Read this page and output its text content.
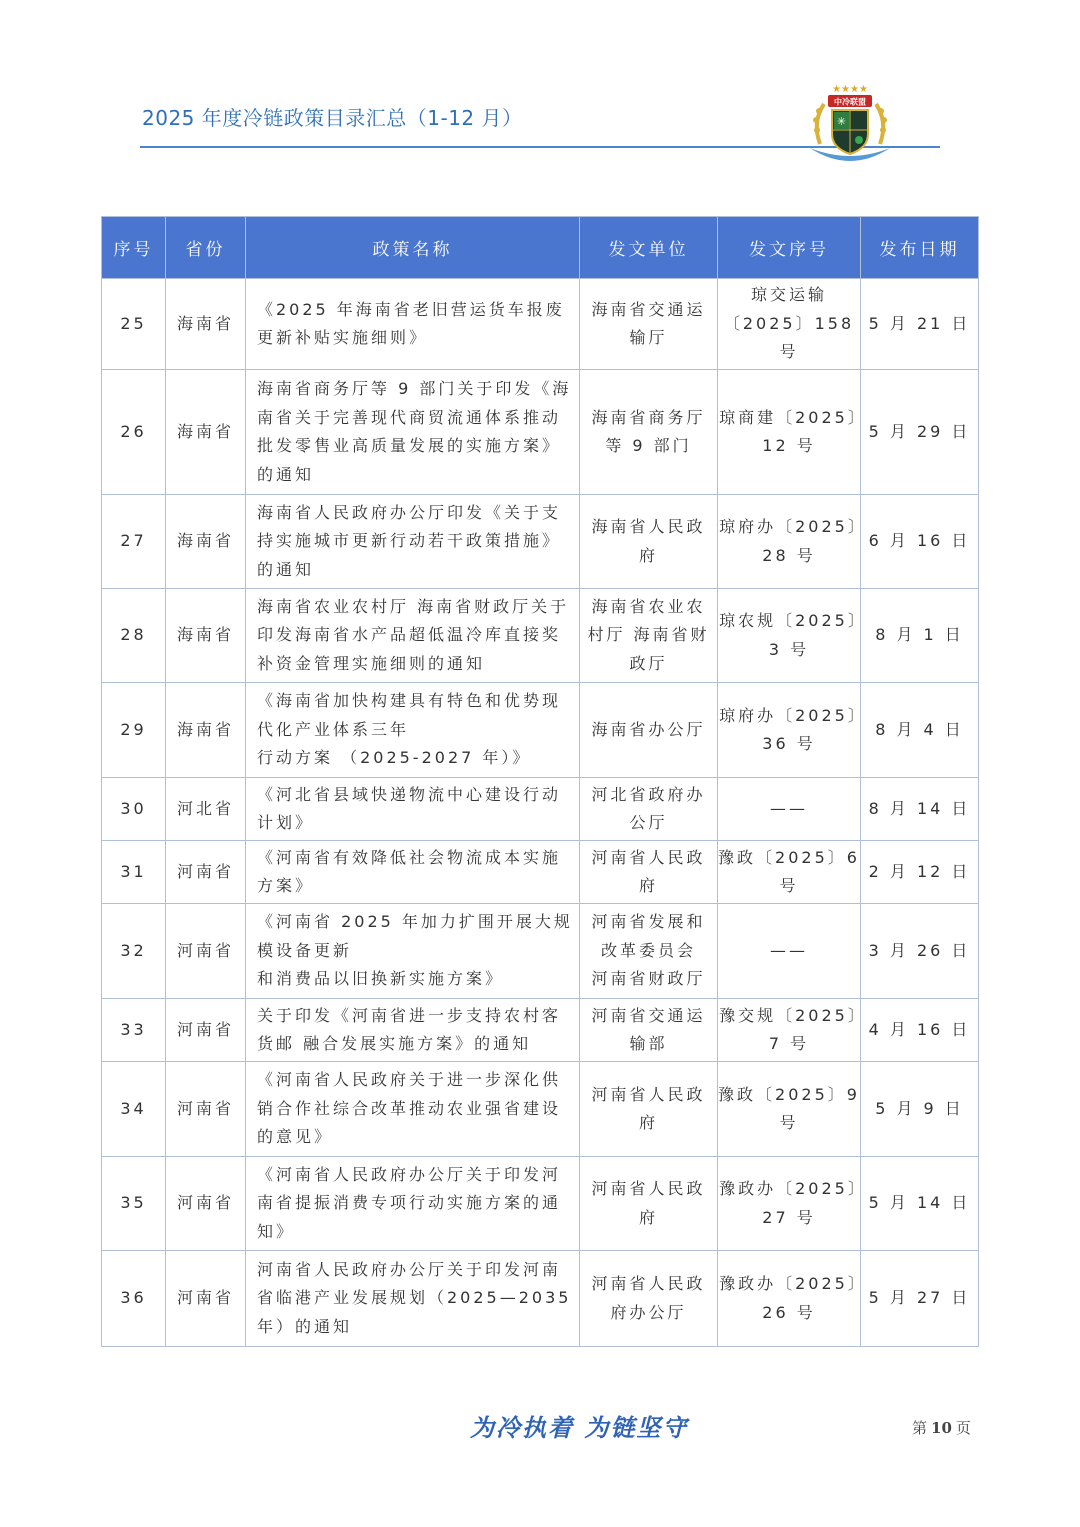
2025 年度冷链政策目录汇总（1-12 月）
★★★★
中冷联盟
✳
序号	省份	政策名称	发文单位	发文序号	发布日期
25	海南省	《2025 年海南省老旧营运货车报废更新补贴实施细则》	海南省交通运输厅	琼交运输〔2025〕158 号	5 月 21 日
26	海南省	海南省商务厅等 9 部门关于印发《海南省关于完善现代商贸流通体系推动批发零售业高质量发展的实施方案》的通知	海南省商务厅等 9 部门	琼商建〔2025〕12 号	5 月 29 日
27	海南省	海南省人民政府办公厅印发《关于支持实施城市更新行动若干政策措施》的通知	海南省人民政府	琼府办〔2025〕28 号	6 月 16 日
28	海南省	海南省农业农村厅 海南省财政厅关于印发海南省水产品超低温冷库直接奖补资金管理实施细则的通知	海南省农业农村厅 海南省财政厅	琼农规〔2025〕3 号	8 月 1 日
29	海南省	《海南省加快构建具有特色和优势现代化产业体系三年
行动方案 （2025-2027 年）》	海南省办公厅	琼府办〔2025〕36 号	8 月 4 日
30	河北省	《河北省县域快递物流中心建设行动计划》	河北省政府办公厅	——	8 月 14 日
31	河南省	《河南省有效降低社会物流成本实施方案》	河南省人民政府	豫政〔2025〕6 号	2 月 12 日
32	河南省	《河南省 2025 年加力扩围开展大规模设备更新
和消费品以旧换新实施方案》	河南省发展和改革委员会
河南省财政厅	——	3 月 26 日
33	河南省	关于印发《河南省进一步支持农村客货邮 融合发展实施方案》的通知	河南省交通运输部	豫交规〔2025〕7 号	4 月 16 日
34	河南省	《河南省人民政府关于进一步深化供销合作社综合改革推动农业强省建设的意见》	河南省人民政府	豫政〔2025〕9 号	5 月 9 日
35	河南省	《河南省人民政府办公厅关于印发河南省提振消费专项行动实施方案的通知》	河南省人民政府	豫政办〔2025〕27 号	5 月 14 日
36	河南省	河南省人民政府办公厅关于印发河南省临港产业发展规划（2025—2035 年）的通知	河南省人民政府办公厅	豫政办〔2025〕26 号	5 月 27 日
为冷执着 为链坚守	第 10 页
